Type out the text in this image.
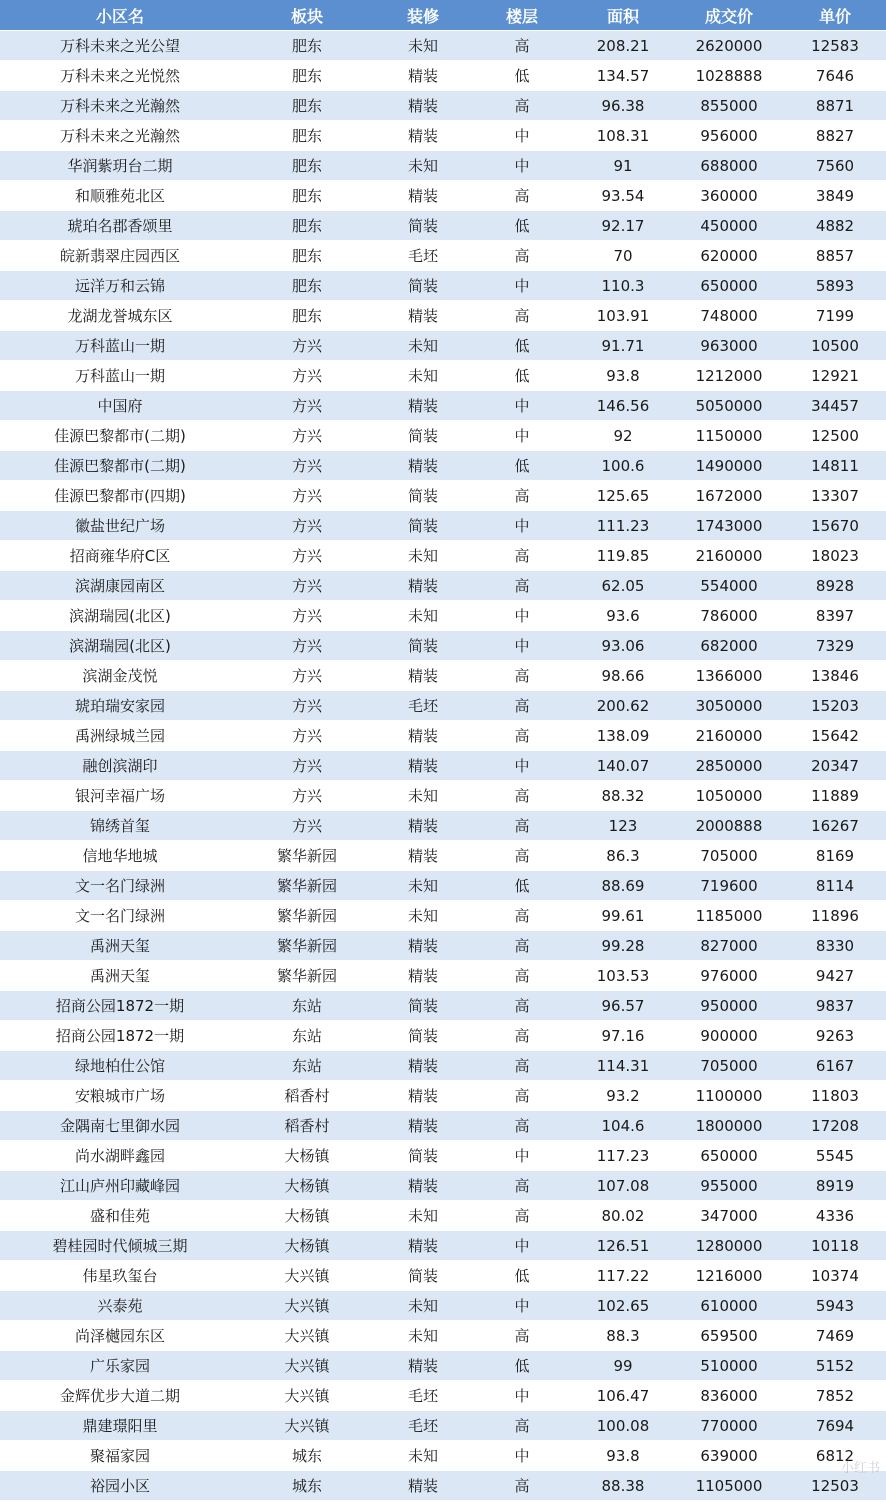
小区名	板块	装修	楼层	面积	成交价	单价
万科未来之光公望	肥东	未知	高	208.21	2620000	12583
万科未来之光悦然	肥东	精装	低	134.57	1028888	7646
万科未来之光瀚然	肥东	精装	高	96.38	855000	8871
万科未来之光瀚然	肥东	精装	中	108.31	956000	8827
华润紫玥台二期	肥东	未知	中	91	688000	7560
和顺雅苑北区	肥东	精装	高	93.54	360000	3849
琥珀名郡香颂里	肥东	简装	低	92.17	450000	4882
皖新翡翠庄园西区	肥东	毛坯	高	70	620000	8857
远洋万和云锦	肥东	简装	中	110.3	650000	5893
龙湖龙誉城东区	肥东	精装	高	103.91	748000	7199
万科蓝山一期	方兴	未知	低	91.71	963000	10500
万科蓝山一期	方兴	未知	低	93.8	1212000	12921
中国府	方兴	精装	中	146.56	5050000	34457
佳源巴黎都市(二期)	方兴	简装	中	92	1150000	12500
佳源巴黎都市(二期)	方兴	精装	低	100.6	1490000	14811
佳源巴黎都市(四期)	方兴	简装	高	125.65	1672000	13307
徽盐世纪广场	方兴	简装	中	111.23	1743000	15670
招商雍华府C区	方兴	未知	高	119.85	2160000	18023
滨湖康园南区	方兴	精装	高	62.05	554000	8928
滨湖瑞园(北区)	方兴	未知	中	93.6	786000	8397
滨湖瑞园(北区)	方兴	简装	中	93.06	682000	7329
滨湖金茂悦	方兴	精装	高	98.66	1366000	13846
琥珀瑞安家园	方兴	毛坯	高	200.62	3050000	15203
禹洲绿城兰园	方兴	精装	高	138.09	2160000	15642
融创滨湖印	方兴	精装	中	140.07	2850000	20347
银河幸福广场	方兴	未知	高	88.32	1050000	11889
锦绣首玺	方兴	精装	高	123	2000888	16267
信地华地城	繁华新园	精装	高	86.3	705000	8169
文一名门绿洲	繁华新园	未知	低	88.69	719600	8114
文一名门绿洲	繁华新园	未知	高	99.61	1185000	11896
禹洲天玺	繁华新园	精装	高	99.28	827000	8330
禹洲天玺	繁华新园	精装	高	103.53	976000	9427
招商公园1872一期	东站	简装	高	96.57	950000	9837
招商公园1872一期	东站	简装	高	97.16	900000	9263
绿地柏仕公馆	东站	精装	高	114.31	705000	6167
安粮城市广场	稻香村	精装	高	93.2	1100000	11803
金隅南七里御水园	稻香村	精装	高	104.6	1800000	17208
尚水湖畔鑫园	大杨镇	简装	中	117.23	650000	5545
江山庐州印藏峰园	大杨镇	精装	高	107.08	955000	8919
盛和佳苑	大杨镇	未知	高	80.02	347000	4336
碧桂园时代倾城三期	大杨镇	精装	中	126.51	1280000	10118
伟星玖玺台	大兴镇	简装	低	117.22	1216000	10374
兴泰苑	大兴镇	未知	中	102.65	610000	5943
尚泽樾园东区	大兴镇	未知	高	88.3	659500	7469
广乐家园	大兴镇	精装	低	99	510000	5152
金辉优步大道二期	大兴镇	毛坯	中	106.47	836000	7852
鼎建璟阳里	大兴镇	毛坯	高	100.08	770000	7694
聚福家园	城东	未知	中	93.8	639000	6812
裕园小区	城东	精装	高	88.38	1105000	12503
小红书
